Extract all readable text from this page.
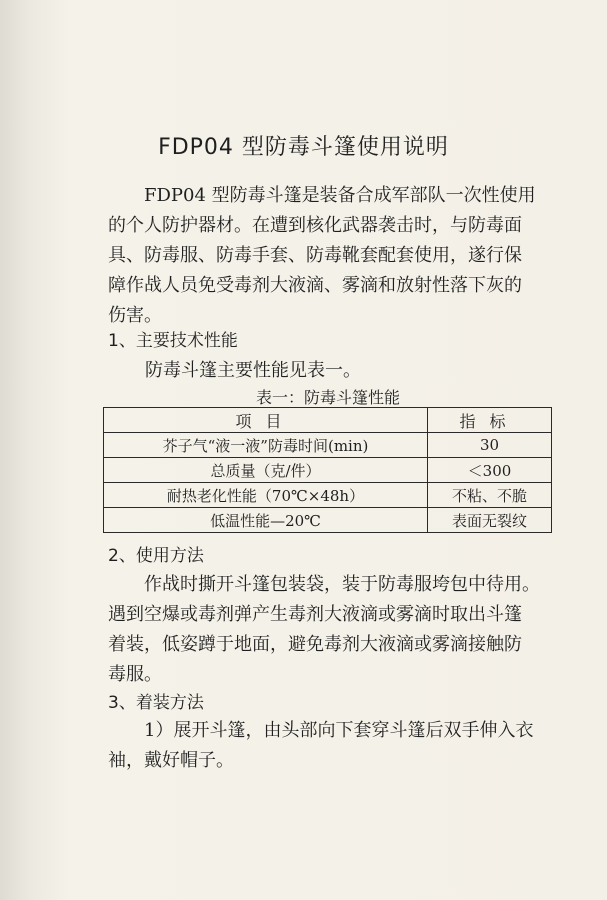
FDP04 型防毒斗篷使用说明

FDP04 型防毒斗篷是装备合成军部队一次性使用

的个人防护器材。在遭到核化武器袭击时，与防毒面

具、防毒服、防毒手套、防毒靴套配套使用，遂行保

障作战人员免受毒剂大液滴、雾滴和放射性落下灰的

伤害。

1、主要技术性能
防毒斗篷主要性能见表一。
表一：防毒斗篷性能
项目	指标
芥子气“液一液”防毒时间(min)	30
总质量（克/件）	＜300
耐热老化性能（70℃×48h）	不粘、不脆
低温性能—20℃	表面无裂纹
2、使用方法

作战时撕开斗篷包装袋，装于防毒服垮包中待用。

遇到空爆或毒剂弹产生毒剂大液滴或雾滴时取出斗篷

着装，低姿蹲于地面，避免毒剂大液滴或雾滴接触防

毒服。

3、着装方法

1）展开斗篷，由头部向下套穿斗篷后双手伸入衣

袖，戴好帽子。
